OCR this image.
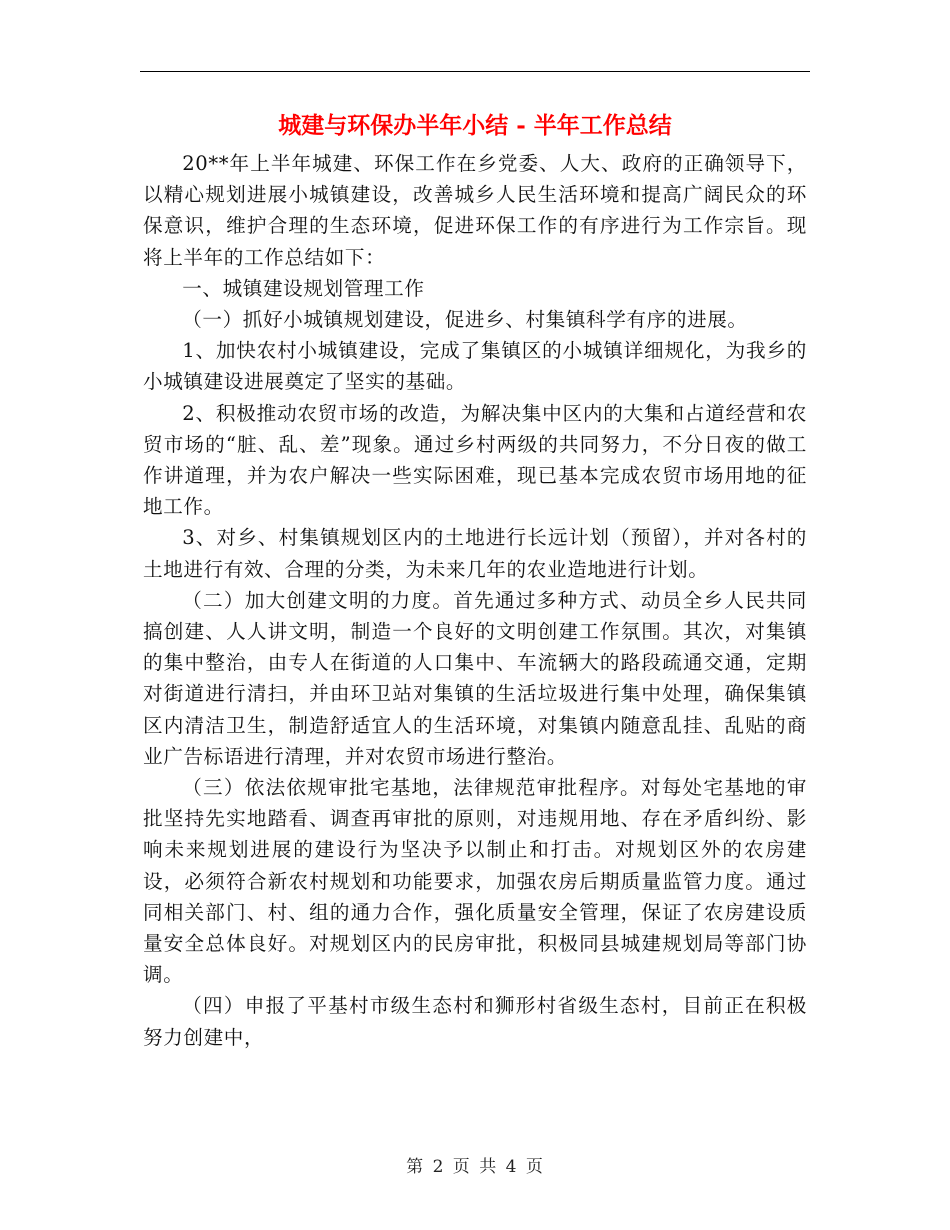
城建与环保办半年小结 - 半年工作总结

20**年上半年城建、环保工作在乡党委、人大、政府的正确领导下，以精心规划进展小城镇建设，改善城乡人民生活环境和提高广阔民众的环保意识，维护合理的生态环境，促进环保工作的有序进行为工作宗旨。现将上半年的工作总结如下：

一、城镇建设规划管理工作

（一）抓好小城镇规划建设，促进乡、村集镇科学有序的进展。

1、加快农村小城镇建设，完成了集镇区的小城镇详细规化，为我乡的小城镇建设进展奠定了坚实的基础。

2、积极推动农贸市场的改造，为解决集中区内的大集和占道经营和农贸市场的“脏、乱、差”现象。通过乡村两级的共同努力，不分日夜的做工作讲道理，并为农户解决一些实际困难，现已基本完成农贸市场用地的征地工作。

3、对乡、村集镇规划区内的土地进行长远计划（预留），并对各村的土地进行有效、合理的分类，为未来几年的农业造地进行计划。

（二）加大创建文明的力度。首先通过多种方式、动员全乡人民共同搞创建、人人讲文明，制造一个良好的文明创建工作氛围。其次，对集镇的集中整治，由专人在街道的人口集中、车流辆大的路段疏通交通，定期对街道进行清扫，并由环卫站对集镇的生活垃圾进行集中处理，确保集镇区内清洁卫生，制造舒适宜人的生活环境，对集镇内随意乱挂、乱贴的商业广告标语进行清理，并对农贸市场进行整治。

（三）依法依规审批宅基地，法律规范审批程序。对每处宅基地的审批坚持先实地踏看、调查再审批的原则，对违规用地、存在矛盾纠纷、影响未来规划进展的建设行为坚决予以制止和打击。对规划区外的农房建设，必须符合新农村规划和功能要求，加强农房后期质量监管力度。通过同相关部门、村、组的通力合作，强化质量安全管理，保证了农房建设质量安全总体良好。对规划区内的民房审批，积极同县城建规划局等部门协调。

（四）申报了平基村市级生态村和狮形村省级生态村，目前正在积极努力创建中，

第 2 页 共 4 页
